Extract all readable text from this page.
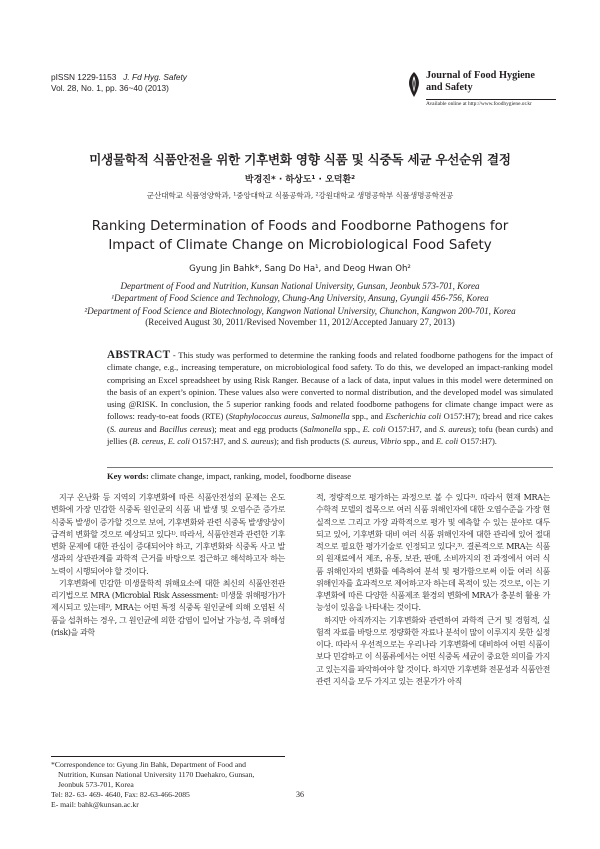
pISSN 1229-1153 J. Fd Hyg. Safety
Vol. 28, No. 1, pp. 36~40 (2013)
Journal of Food Hygiene
and Safety
Available online at http://www.foodhygiene.or.kr
미생물학적 식품안전을 위한 기후변화 영향 식품 및 식중독 세균 우선순위 결정
박경진* · 하상도¹ · 오덕환²
군산대학교 식품영양학과, ¹중앙대학교 식품공학과, ²강원대학교 생명공학부 식품생명공학전공
Ranking Determination of Foods and Foodborne Pathogens for
Impact of Climate Change on Microbiological Food Safety
Gyung Jin Bahk*, Sang Do Ha¹, and Deog Hwan Oh²
Department of Food and Nutrition, Kunsan National University, Gunsan, Jeonbuk 573-701, Korea
¹Department of Food Science and Technology, Chung-Ang University, Ansung, Gyungii 456-756, Korea
²Department of Food Science and Biotechnology, Kangwon National University, Chunchon, Kangwon 200-701, Korea
(Received August 30, 2011/Revised November 11, 2012/Accepted January 27, 2013)
ABSTRACT - This study was performed to determine the ranking foods and related foodborne pathogens for the impact of climate change, e.g., increasing temperature, on microbiological food safety. To do this, we developed an impact-ranking model comprising an Excel spreadsheet by using Risk Ranger. Because of a lack of data, input values in this model were determined on the basis of an expert’s opinion. These values also were converted to normal distribution, and the developed model was simulated using @RISK. In conclusion, the 5 superior ranking foods and related foodborne pathogens for climate change impact were as follows: ready-to-eat foods (RTE) (Staphylococcus aureus, Salmonella spp., and Escherichia coli O157:H7); bread and rice cakes (S. aureus and Bacillus cereus); meat and egg products (Salmonella spp., E. coli O157:H7, and S. aureus); tofu (bean curds) and jellies (B. cereus, E. coli O157:H7, and S. aureus); and fish products (S. aureus, Vibrio spp., and E. coli O157:H7).
Key words: climate change, impact, ranking, model, foodborne disease

지구 온난화 등 지역의 기후변화에 따른 식품안전성의 문제는 온도 변화에 가장 민감한 식중독 원인균의 식품 내 발생 및 오염수준 증가로 식중독 발생이 증가할 것으로 보여, 기후변화와 관련 식중독 발생양상이 급격히 변화할 것으로 예상되고 있다¹⁾. 따라서, 식품안전과 관련한 기후변화 문제에 대한 관심이 증대되어야 하고, 기후변화와 식중독 사고 발생과의 상관관계를 과학적 근거를 바탕으로 접근하고 해석하고자 하는 노력이 시행되어야 할 것이다.

기후변화에 민감한 미생물학적 위해요소에 대한 최신의 식품안전관리기법으로 MRA (Microbial Risk Assessment: 미생물 위해평가)가 제시되고 있는데²⁾, MRA는 어떤 특정 식중독 원인균에 의해 오염된 식품을 섭취하는 경우, 그 원인균에 의한 감염이 일어날 가능성, 즉 위해성(risk)을 과학

적, 정량적으로 평가하는 과정으로 볼 수 있다³⁾. 따라서 현재 MRA는 수학적 모델의 접목으로 여러 식품 위해인자에 대한 오염수준을 가장 현실적으로 그리고 가장 과학적으로 평가 및 예측할 수 있는 분야로 대두되고 있어, 기후변화 대비 여러 식품 위해인자에 대한 관리에 있어 절대적으로 필요한 평가기술로 인정되고 있다²,³⁾. 결론적으로 MRA는 식품의 원재료에서 제조, 유통, 보관, 판매, 소비까지의 전 과정에서 여러 식품 위해인자의 변화를 예측하여 분석 및 평가함으로써 이들 여러 식품 위해인자를 효과적으로 제어하고자 하는데 목적이 있는 것으로, 이는 기후변화에 따른 다양한 식품제조 환경의 변화에 MRA가 충분히 활용 가능성이 있음을 나타내는 것이다.

하지만 아직까지는 기후변화와 관련하여 과학적 근거 및 경험적, 실험적 자료를 바탕으로 정량화한 자료나 분석이 많이 이루지지 못한 실정이다. 따라서 우선적으로는 우리나라 기후변화에 대비하여 어떤 식품이 보다 민감하고 이 식품류에서는 어떤 식중독 세균이 중요한 의미를 가지고 있는지를 파악하여야 할 것이다. 하지만 기후변화 전문성과 식품안전관련 지식을 모두 가지고 있는 전문가가 아직

*Correspondence to: Gyung Jin Bahk, Department of Food and
Nutrition, Kunsan National University 1170 Daehakro, Gunsan,
Jeonbuk 573-701, Korea
Tel: 82- 63- 469- 4640, Fax: 82-63-466-2085
E- mail: bahk@kunsan.ac.kr
36
